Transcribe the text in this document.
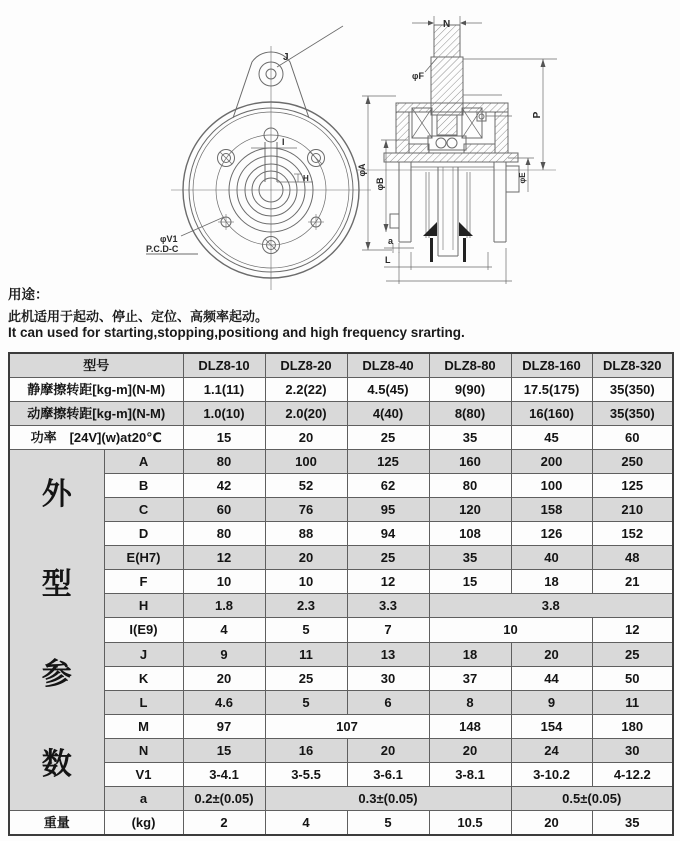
J
I
H
φV1
P.C.D-C
N
φF
P
φA
φB	φE
a
L
用途：
此机适用于起动、停止、定位、高频率起动。
It can used for starting,stopping,positiong and high frequency srarting.
型号		DLZ8-10	DLZ8-20	DLZ8-40	DLZ8-80	DLZ8-160	DLZ8-320
静摩擦转距[kg-m](N-M)		1.1(11)	2.2(22)	4.5(45)	9(90)	17.5(175)	35(350)
动摩擦转距[kg-m](N-M)		1.0(10)	2.0(20)	4(40)	8(80)	16(160)	35(350)
功率　[24V](w)at20℃		15	20	25	35	45	60

外
型
参
数	A	80	100	125	160	200	250
	B	42	52	62	80	100	125
	C	60	76	95	120	158	210
	D	80	88	94	108	126	152
	E(H7)	12	20	25	35	40	48
	F	10	10	12	15	18	21
	H	1.8	2.3	3.3	3.8		
	I(E9)	4	5	7	10		12
	J	9	11	13	18	20	25
	K	20	25	30	37	44	50
	L	4.6	5	6	8	9	11
	M	97	107		148	154	180
	N	15	16	20	20	24	30
	V1	3-4.1	3-5.5	3-6.1	3-8.1	3-10.2	4-12.2
	a	0.2±(0.05)	0.3±(0.05)			0.5±(0.05)	
重量	(kg)	2	4	5	10.5	20	35
